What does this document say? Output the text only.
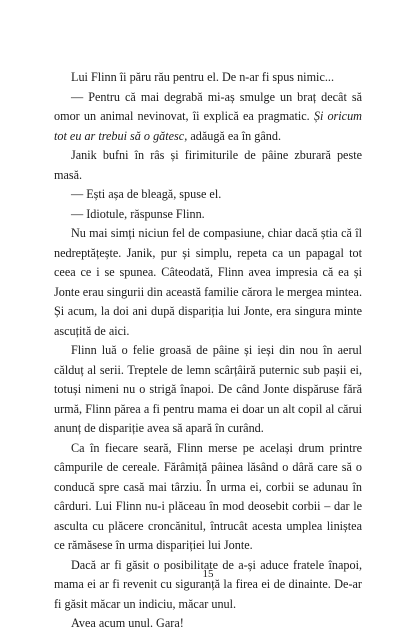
Lui Flinn îi păru rău pentru el. De n-ar fi spus nimic...

— Pentru că mai degrabă mi-aș smulge un braț decât să omor un animal nevinovat, îi explică ea pragmatic. Și oricum tot eu ar trebui să o gătesc, adăugă ea în gând.

Janik bufni în râs și firimiturile de pâine zburară peste masă.

— Ești așa de bleagă, spuse el.

— Idiotule, răspunse Flinn.

Nu mai simți niciun fel de compasiune, chiar dacă știa că îl nedreptățește. Janik, pur și simplu, repeta ca un papagal tot ceea ce i se spunea. Câteodată, Flinn avea impresia că ea și Jonte erau singurii din această familie cărora le mergea mintea. Și acum, la doi ani după dispariția lui Jonte, era singura minte ascuțită de aici.

Flinn luă o felie groasă de pâine și ieși din nou în aerul călduț al serii. Treptele de lemn scârțâiră puternic sub pașii ei, totuși nimeni nu o strigă înapoi. De când Jonte dispăruse fără urmă, Flinn părea a fi pentru mama ei doar un alt copil al cărui anunț de dispariție avea să apară în curând.

Ca în fiecare seară, Flinn merse pe același drum printre câmpurile de cereale. Fărâmiță pâinea lăsând o dâră care să o conducă spre casă mai târziu. În urma ei, corbii se adunau în cârduri. Lui Flinn nu-i plăceau în mod deosebit corbii – dar le asculta cu plăcere croncănitul, întrucât acesta umplea liniștea ce rămăsese în urma dispariției lui Jonte.

Dacă ar fi găsit o posibilitate de a-și aduce fratele înapoi, mama ei ar fi revenit cu siguranță la firea ei de dinainte. De-ar fi găsit măcar un indiciu, măcar unul.

Avea acum unul. Gara!

15
